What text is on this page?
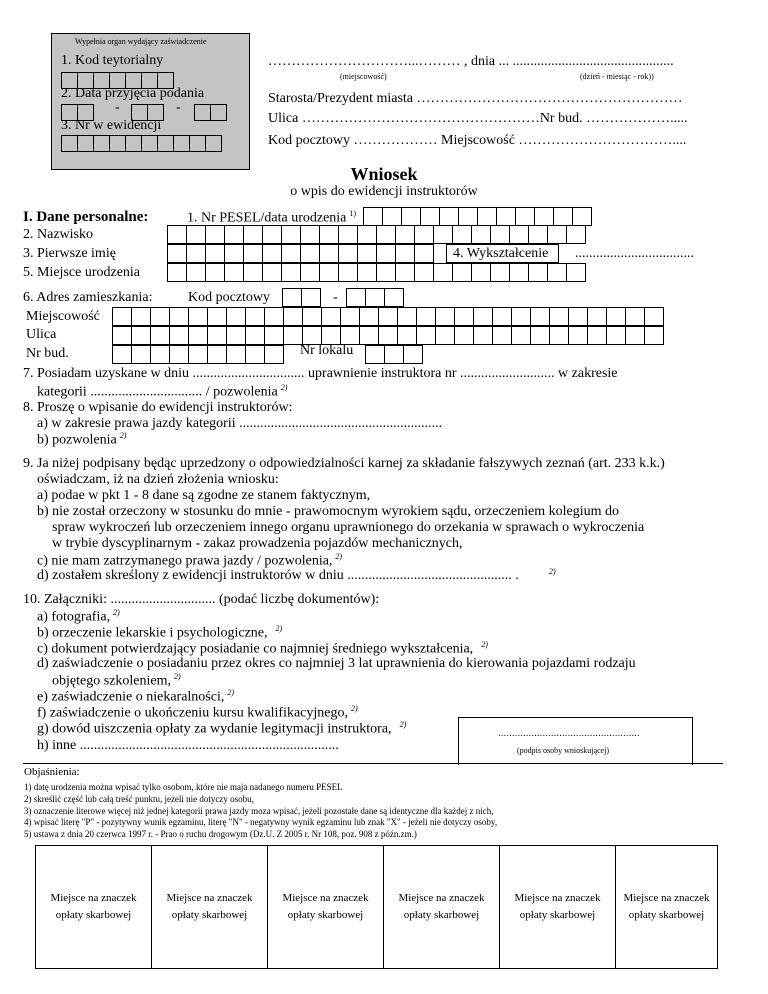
Wypełnia organ wydający zaświadczenie
1. Kod teytorialny
2. Data przyjęcia podania
-	-
3. Nr w ewidencji
…………………………...……… , dnia ... ..............................................
(miejscowość)	(dzień - miesiąc - rok))
Starosta/Prezydent miasta …………………………………………………
Ulica ……………………………………………Nr bud. ……………….....
Kod pocztowy ……………… Miejscowość ……………………………....
Wniosek
o wpis do ewidencji instruktorów
I. Dane personalne:	1. Nr PESEL/data urodzenia $^{1)}$
2. Nazwisko
3. Pierwsze imię	4. Wykształcenie	..................................
5. Miejsce urodzenia
6. Adres zamieszkania:	Kod pocztowy	-
Miejscowość
Ulica
Nr bud.	Nr lokalu
7. Posiadam uzyskane w dniu ................................ uprawnienie instruktora nr ........................... w zakresie
kategorii ................................ / pozwolenia $^{2)}$
8. Proszę o wpisanie do ewidencji instruktorów:
a) w zakresie prawa jazdy kategorii ..........................................................
b) pozwolenia $^{2)}$
9. Ja niżej podpisany będąc uprzedzony o odpowiedzialności karnej za składanie fałszywych zeznań (art. 233 k.k.)
oświadczam, iż na dzień złożenia wniosku:
a) podae w pkt 1 - 8 dane są zgodne ze stanem faktycznym,
b) nie został orzeczony w stosunku do mnie - prawomocnym wyrokiem sądu, orzeczeniem kolegium do
spraw wykroczeń lub orzeczeniem innego organu uprawnionego do orzekania w sprawach o wykroczenia
w trybie dyscyplinarnym - zakaz prowadzenia pojazdów mechanicznych,
c) nie mam zatrzymanego prawa jazdy / pozwolenia, $^{2)}$
d) zostałem skreślony z ewidencji instruktorów w dniu ............................................... .	2)
10. Załączniki: .............................. (podać liczbę dokumentów):
a) fotografia, $^{2)}$
b) orzeczenie lekarskie i psychologiczne, $^{2)}$
c) dokument potwierdzający posiadanie co najmniej średniego wykształcenia, $^{2)}$
d) zaświadczenie o posiadaniu przez okres co najmniej 3 lat uprawnienia do kierowania pojazdami rodzaju
objętego szkoleniem, $^{2)}$
e) zaświadczenie o niekaralności, $^{2)}$
f) zaświadczenie o ukończeniu kursu kwalifikacyjnego, $^{2)}$
g) dowód uiszczenia opłaty za wydanie legitymacji instruktora, $^{2)}$
h) inne ..........................................................................
...................................................
(podpis osoby wnioskującej)
Objaśnienia:
1) datę urodzenia można wpisać tylko osobom, które nie maja nadanego numeru PESEL
2) skreślić część lub całą treść punktu, jeżeli nie dotyczy osobu,
3) oznaczenie literowe więcej niż jednej kategorii prawa jazdy moza wpisać, jeżeli pozostałe dane są identyczne dla każdej z nich,
4) wpisać literę "P" - pozytywny wunik egzaminu, literę "N" - negatywny wynik egzaminu lub znak "X" - jeżeli nie dotyczy osoby,
5) ustawa z dnia 20 czerwca 1997 r. - Prao o ruchu drogowym (Dz.U. Z 2005 r. Nr 108, poz. 908 z późn.zm.)
Miejsce na znaczek
opłaty skarbowej
Miejsce na znaczek
opłaty skarbowej
Miejsce na znaczek
opłaty skarbowej
Miejsce na znaczek
opłaty skarbowej
Miejsce na znaczek
opłaty skarbowej
Miejsce na znaczek
opłaty skarbowej
